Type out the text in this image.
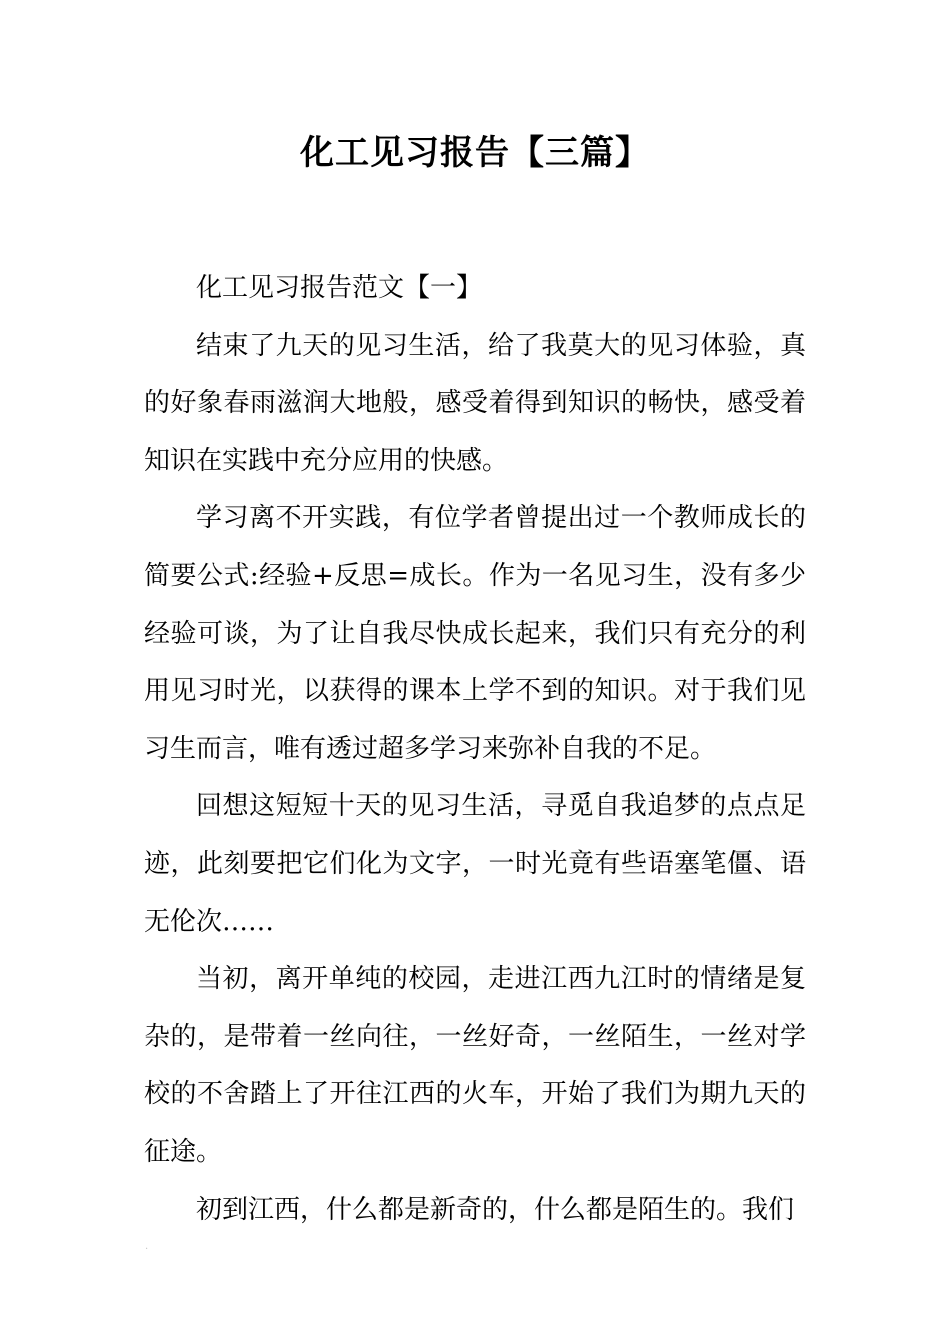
化工见习报告【三篇】

化工见习报告范文【一】

结束了九天的见习生活，给了我莫大的见习体验，真的好象春雨滋润大地般，感受着得到知识的畅快，感受着知识在实践中充分应用的快感。

学习离不开实践，有位学者曾提出过一个教师成长的简要公式:经验+反思=成长。作为一名见习生，没有多少经验可谈，为了让自我尽快成长起来，我们只有充分的利用见习时光，以获得的课本上学不到的知识。对于我们见习生而言，唯有透过超多学习来弥补自我的不足。

回想这短短十天的见习生活，寻觅自我追梦的点点足迹，此刻要把它们化为文字，一时光竟有些语塞笔僵、语无伦次……

当初，离开单纯的校园，走进江西九江时的情绪是复杂的，是带着一丝向往，一丝好奇，一丝陌生，一丝对学校的不舍踏上了开往江西的火车，开始了我们为期九天的征途。

初到江西，什么都是新奇的，什么都是陌生的。我们

·
